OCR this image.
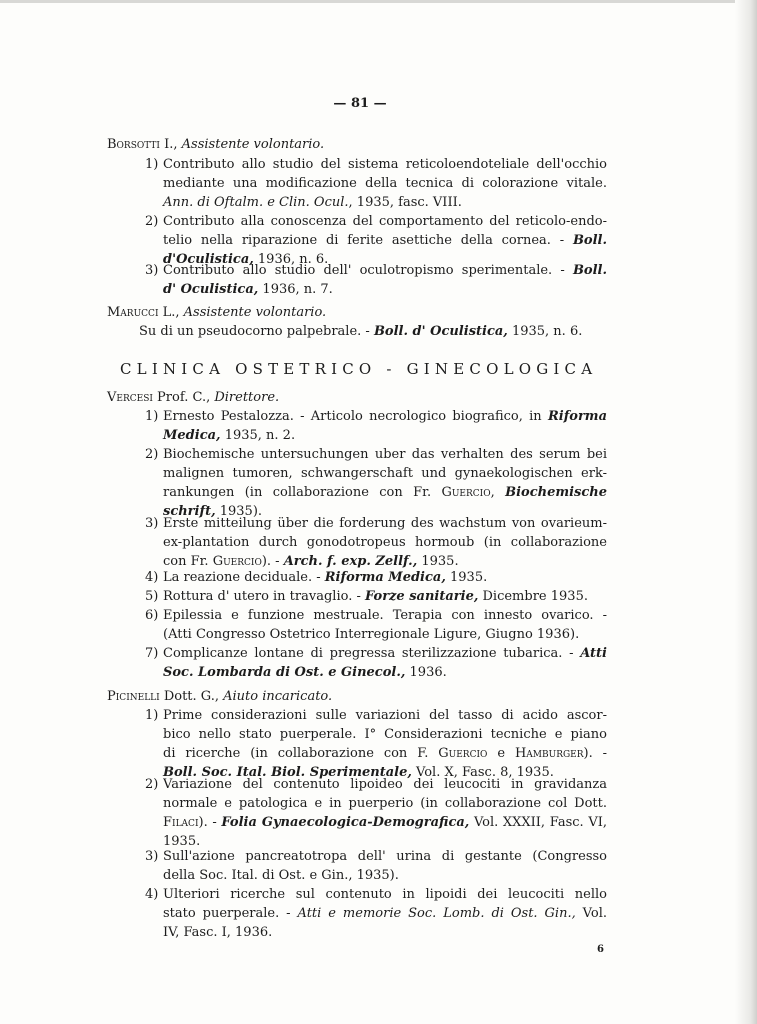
— 81 —
Borsotti I., Assistente volontario.
Contributo allo studio del sistema reticoloendoteliale dell'occhio
1)
mediante una modificazione della tecnica di colorazione vitale.
Ann. di Oftalm. e Clin. Ocul., 1935, fasc. VIII.
Contributo alla conoscenza del comportamento del reticolo-endo-
2)
telio nella riparazione di ferite asettiche della cornea. - Boll.
d'Oculistica, 1936, n. 6.
Contributo allo studio dell' oculotropismo sperimentale. - Boll.
3)
d' Oculistica, 1936, n. 7.
Marucci L., Assistente volontario.
Su di un pseudocorno palpebrale. - Boll. d' Oculistica, 1935, n. 6.
CLINICA OSTETRICO - GINECOLOGICA
Vercesi Prof. C., Direttore.
Ernesto Pestalozza. - Articolo necrologico biografico, in Riforma
1)
Medica, 1935, n. 2.
Biochemische untersuchungen uber das verhalten des serum bei
2)
malignen tumoren, schwangerschaft und gynaekologischen erk-
rankungen (in collaborazione con Fr. Guercio, Biochemische
schrift, 1935).
Erste mitteilung über die forderung des wachstum von ovarieum-
3)
ex-plantation durch gonodotropeus hormoub (in collaborazione
con Fr. Guercio). - Arch. f. exp. Zellf., 1935.
La reazione deciduale. - Riforma Medica, 1935.
4)
Rottura d' utero in travaglio. - Forze sanitarie, Dicembre 1935.
5)
Epilessia e funzione mestruale. Terapia con innesto ovarico. -
6)
(Atti Congresso Ostetrico Interregionale Ligure, Giugno 1936).
Complicanze lontane di pregressa sterilizzazione tubarica. - Atti
7)
Soc. Lombarda di Ost. e Ginecol., 1936.
Picinelli Dott. G., Aiuto incaricato.
Prime considerazioni sulle variazioni del tasso di acido ascor-
1)
bico nello stato puerperale. I° Considerazioni tecniche e piano
di ricerche (in collaborazione con F. Guercio e Hamburger). -
Boll. Soc. Ital. Biol. Sperimentale, Vol. X, Fasc. 8, 1935.
Variazione del contenuto lipoideo dei leucociti in gravidanza
2)
normale e patologica e in puerperio (in collaborazione col Dott.
Filaci). - Folia Gynaecologica-Demografica, Vol. XXXII, Fasc. VI,
1935.
Sull'azione pancreatotropa dell' urina di gestante (Congresso
3)
della Soc. Ital. di Ost. e Gin., 1935).
Ulteriori ricerche sul contenuto in lipoidi dei leucociti nello
4)
stato puerperale. - Atti e memorie Soc. Lomb. di Ost. Gin., Vol.
IV, Fasc. I, 1936.
6
